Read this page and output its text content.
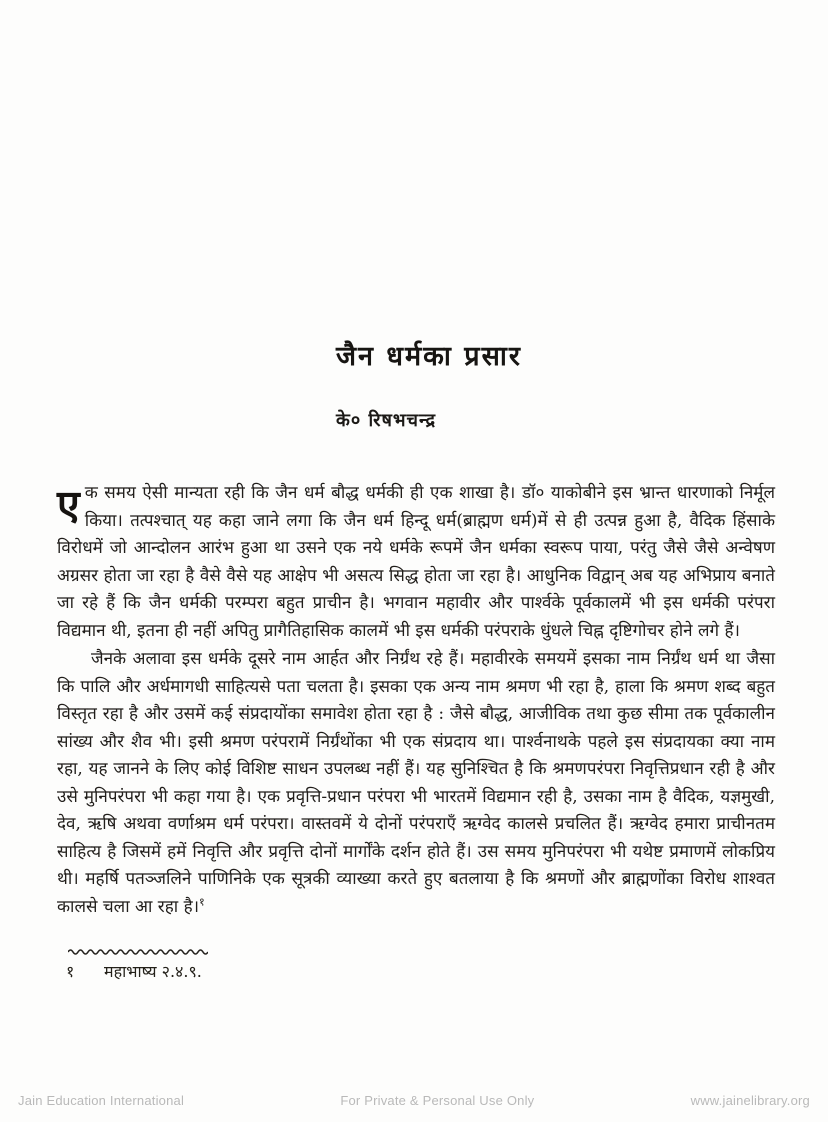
जैन धर्मका प्रसार
के० रिषभचन्द्र

एक समय ऐसी मान्यता रही कि जैन धर्म बौद्ध धर्मकी ही एक शाखा है। डॉ० याकोबीने इस भ्रान्त धारणाको निर्मूल किया। तत्पश्चात् यह कहा जाने लगा कि जैन धर्म हिन्दू धर्म(ब्राह्मण धर्म)में से ही उत्पन्न हुआ है, वैदिक हिंसाके विरोधमें जो आन्दोलन आरंभ हुआ था उसने एक नये धर्मके रूपमें जैन धर्मका स्वरूप पाया, परंतु जैसे जैसे अन्वेषण अग्रसर होता जा रहा है वैसे वैसे यह आक्षेप भी असत्य सिद्ध होता जा रहा है। आधुनिक विद्वान् अब यह अभिप्राय बनाते जा रहे हैं कि जैन धर्मकी परम्परा बहुत प्राचीन है। भगवान महावीर और पार्श्वके पूर्वकालमें भी इस धर्मकी परंपरा विद्यमान थी, इतना ही नहीं अपितु प्रागैतिहासिक कालमें भी इस धर्मकी परंपराके धुंधले चिह्न दृष्टिगोचर होने लगे हैं।

जैनके अलावा इस धर्मके दूसरे नाम आर्हत और निर्ग्रंथ रहे हैं। महावीरके समयमें इसका नाम निर्ग्रंथ धर्म था जैसा कि पालि और अर्धमागधी साहित्यसे पता चलता है। इसका एक अन्य नाम श्रमण भी रहा है, हाला कि श्रमण शब्द बहुत विस्तृत रहा है और उसमें कई संप्रदायोंका समावेश होता रहा है : जैसे बौद्ध, आजीविक तथा कुछ सीमा तक पूर्वकालीन सांख्य और शैव भी। इसी श्रमण परंपरामें निर्ग्रंथोंका भी एक संप्रदाय था। पार्श्वनाथके पहले इस संप्रदायका क्या नाम रहा, यह जानने के लिए कोई विशिष्ट साधन उपलब्ध नहीं हैं। यह सुनिश्चित है कि श्रमणपरंपरा निवृत्तिप्रधान रही है और उसे मुनिपरंपरा भी कहा गया है। एक प्रवृत्ति-प्रधान परंपरा भी भारतमें विद्यमान रही है, उसका नाम है वैदिक, यज्ञमुखी, देव, ऋषि अथवा वर्णाश्रम धर्म परंपरा। वास्तवमें ये दोनों परंपराएँ ऋग्वेद कालसे प्रचलित हैं। ऋग्वेद हमारा प्राचीनतम साहित्य है जिसमें हमें निवृत्ति और प्रवृत्ति दोनों मार्गोंके दर्शन होते हैं। उस समय मुनिपरंपरा भी यथेष्ट प्रमाणमें लोकप्रिय थी। महर्षि पतञ्जलिने पाणिनिके एक सूत्रकी व्याख्या करते हुए बतलाया है कि श्रमणों और ब्राह्मणोंका विरोध शाश्वत कालसे चला आ रहा है।$^१$

१ महाभाष्य २.४.९.
Jain Education International	For Private & Personal Use Only	www.jainelibrary.org
